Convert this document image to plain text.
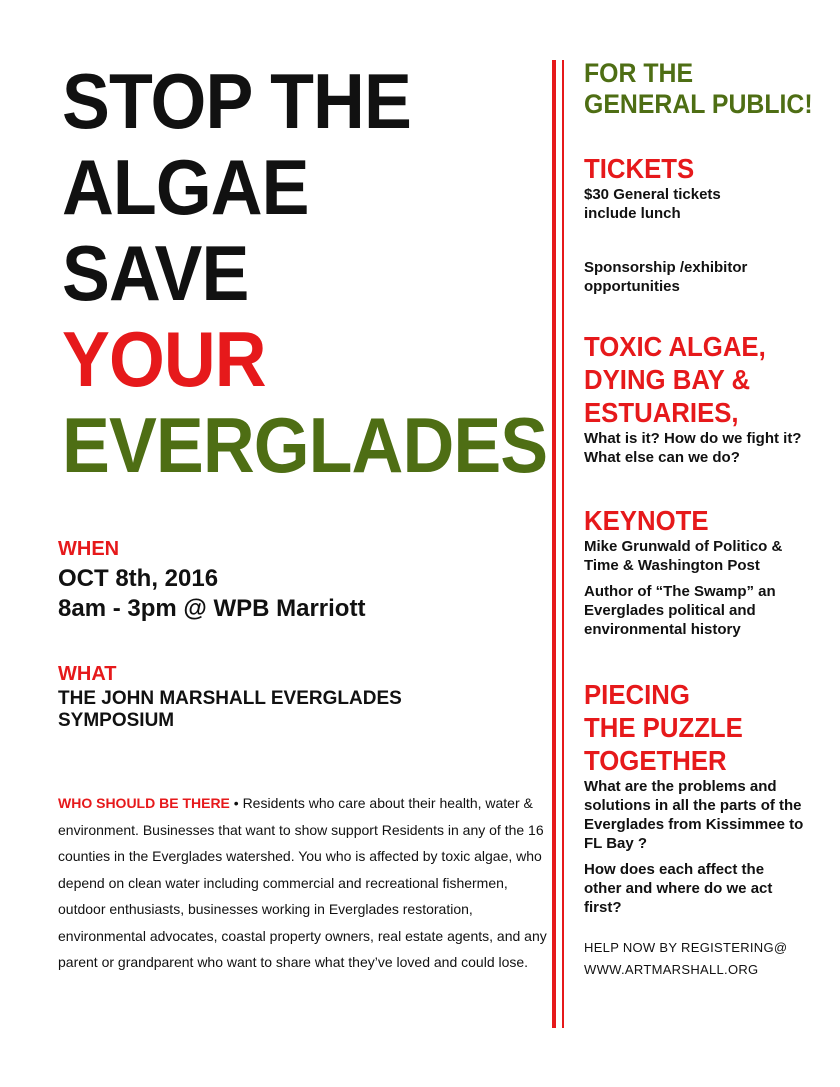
STOP THE
ALGAE
SAVE
YOUR
EVERGLADES
WHEN
OCT 8th, 2016
8am - 3pm @ WPB Marriott
WHAT
THE JOHN MARSHALL EVERGLADES
SYMPOSIUM
WHO SHOULD BE THERE • Residents who care about their health, water & environment. Businesses that want to show support Residents in any of the 16 counties in the Everglades watershed. You who is affected by toxic algae, who depend on clean water including commercial and recreational fishermen, outdoor enthusiasts, businesses working in Everglades restoration, environmental advocates, coastal property owners, real estate agents, and any parent or grandparent who want to share what they’ve loved and could lose.
FOR THE
GENERAL PUBLIC!
TICKETS
$30 General tickets
include lunch
Sponsorship /exhibitor
opportunities
TOXIC ALGAE,
DYING BAY &
ESTUARIES,
What is it? How do we fight it? What else can we do?
KEYNOTE
Mike Grunwald of Politico & Time & Washington Post
Author of “The Swamp” an Everglades political and environmental history
PIECING
THE PUZZLE
TOGETHER
What are the problems and solutions in all the parts of the Everglades from Kissimmee to FL Bay ?
How does each affect the other and where do we act first?
HELP NOW BY REGISTERING@
WWW.ARTMARSHALL.ORG
